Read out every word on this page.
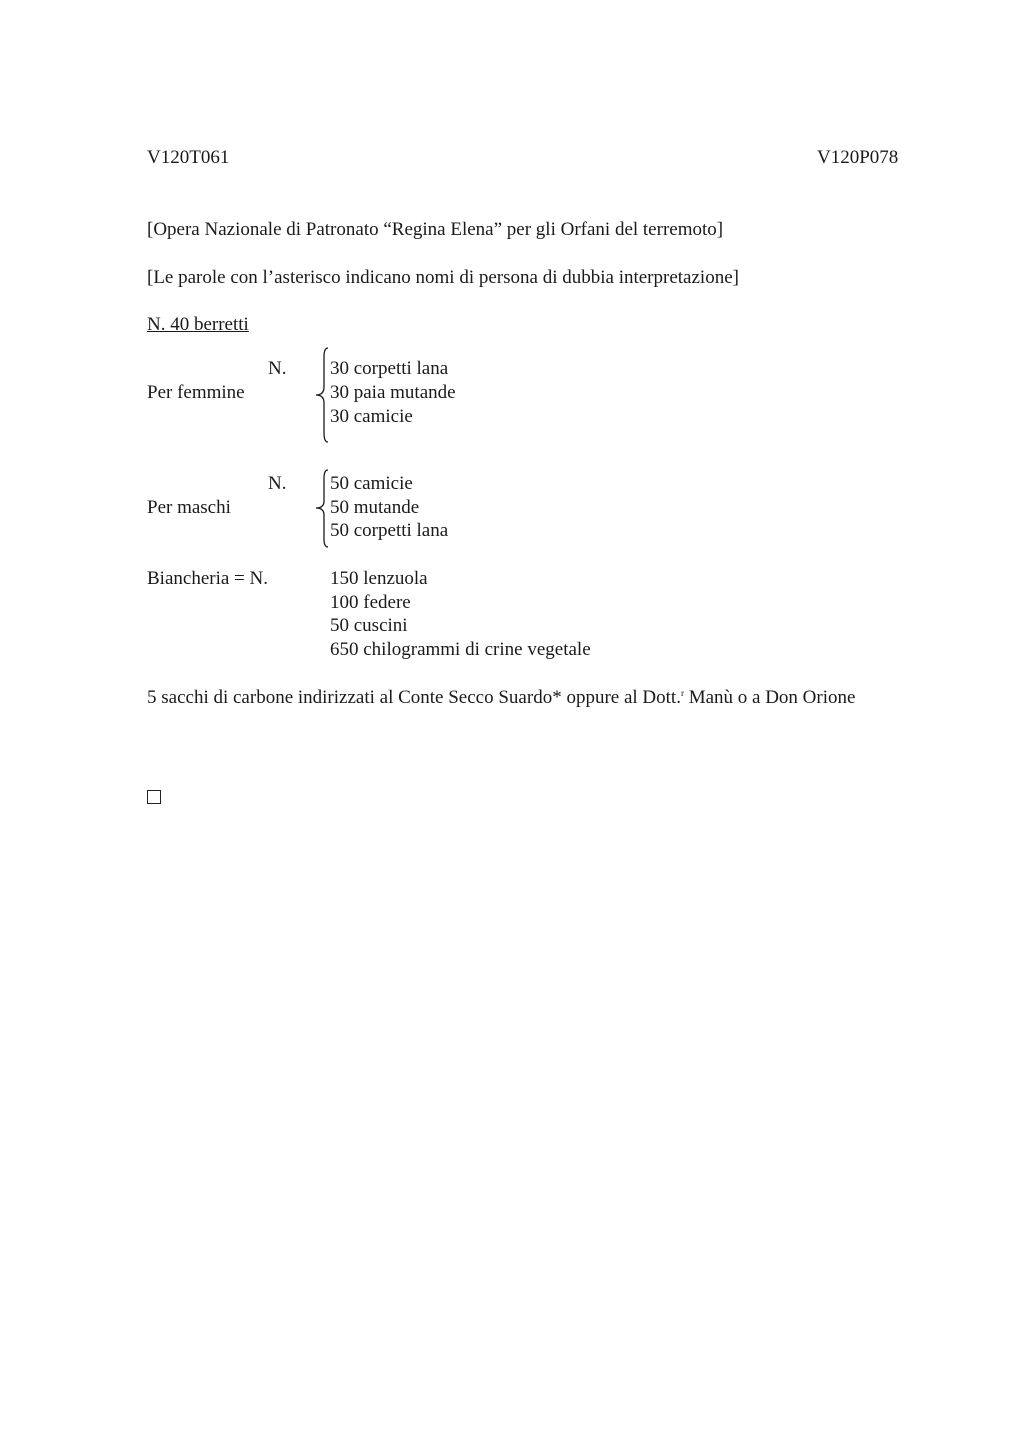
V120T061	V120P078
[Opera Nazionale di Patronato “Regina Elena” per gli Orfani del terremoto]
[Le parole con l’asterisco indicano nomi di persona di dubbia interpretazione]
N. 40 berretti
N.
Per femmine
30 corpetti lana
30 paia mutande
30 camicie
N.
Per maschi
50 camicie
50 mutande
50 corpetti lana
Biancheria = N.	150 lenzuola
100 federe
50 cuscini
650 chilogrammi di crine vegetale
5 sacchi di carbone indirizzati al Conte Secco Suardo* oppure al Dott.$^r$ Manù o a Don Orione
